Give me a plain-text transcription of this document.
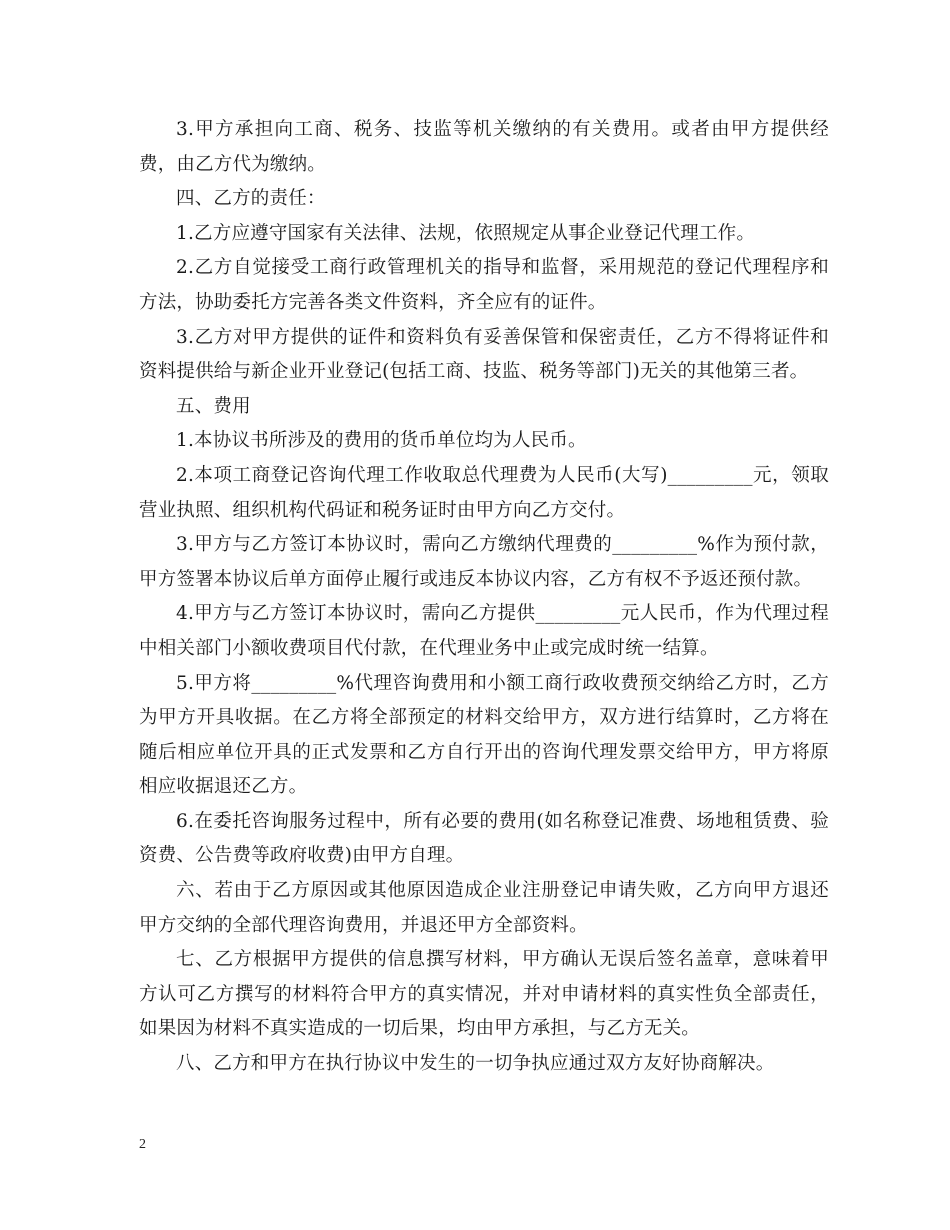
3.甲方承担向工商、税务、技监等机关缴纳的有关费用。或者由甲方提供经费，由乙方代为缴纳。

四、乙方的责任：

1.乙方应遵守国家有关法律、法规，依照规定从事企业登记代理工作。

2.乙方自觉接受工商行政管理机关的指导和监督，采用规范的登记代理程序和方法，协助委托方完善各类文件资料，齐全应有的证件。

3.乙方对甲方提供的证件和资料负有妥善保管和保密责任，乙方不得将证件和资料提供给与新企业开业登记(包括工商、技监、税务等部门)无关的其他第三者。

五、费用

1.本协议书所涉及的费用的货币单位均为人民币。

2.本项工商登记咨询代理工作收取总代理费为人民币(大写)_________元，领取营业执照、组织机构代码证和税务证时由甲方向乙方交付。

3.甲方与乙方签订本协议时，需向乙方缴纳代理费的_________%作为预付款，甲方签署本协议后单方面停止履行或违反本协议内容，乙方有权不予返还预付款。

4.甲方与乙方签订本协议时，需向乙方提供_________元人民币，作为代理过程中相关部门小额收费项目代付款，在代理业务中止或完成时统一结算。

5.甲方将_________%代理咨询费用和小额工商行政收费预交纳给乙方时，乙方为甲方开具收据。在乙方将全部预定的材料交给甲方，双方进行结算时，乙方将在随后相应单位开具的正式发票和乙方自行开出的咨询代理发票交给甲方，甲方将原相应收据退还乙方。

6.在委托咨询服务过程中，所有必要的费用(如名称登记准费、场地租赁费、验资费、公告费等政府收费)由甲方自理。

六、若由于乙方原因或其他原因造成企业注册登记申请失败，乙方向甲方退还甲方交纳的全部代理咨询费用，并退还甲方全部资料。

七、乙方根据甲方提供的信息撰写材料，甲方确认无误后签名盖章，意味着甲方认可乙方撰写的材料符合甲方的真实情况，并对申请材料的真实性负全部责任，如果因为材料不真实造成的一切后果，均由甲方承担，与乙方无关。

八、乙方和甲方在执行协议中发生的一切争执应通过双方友好协商解决。

2
